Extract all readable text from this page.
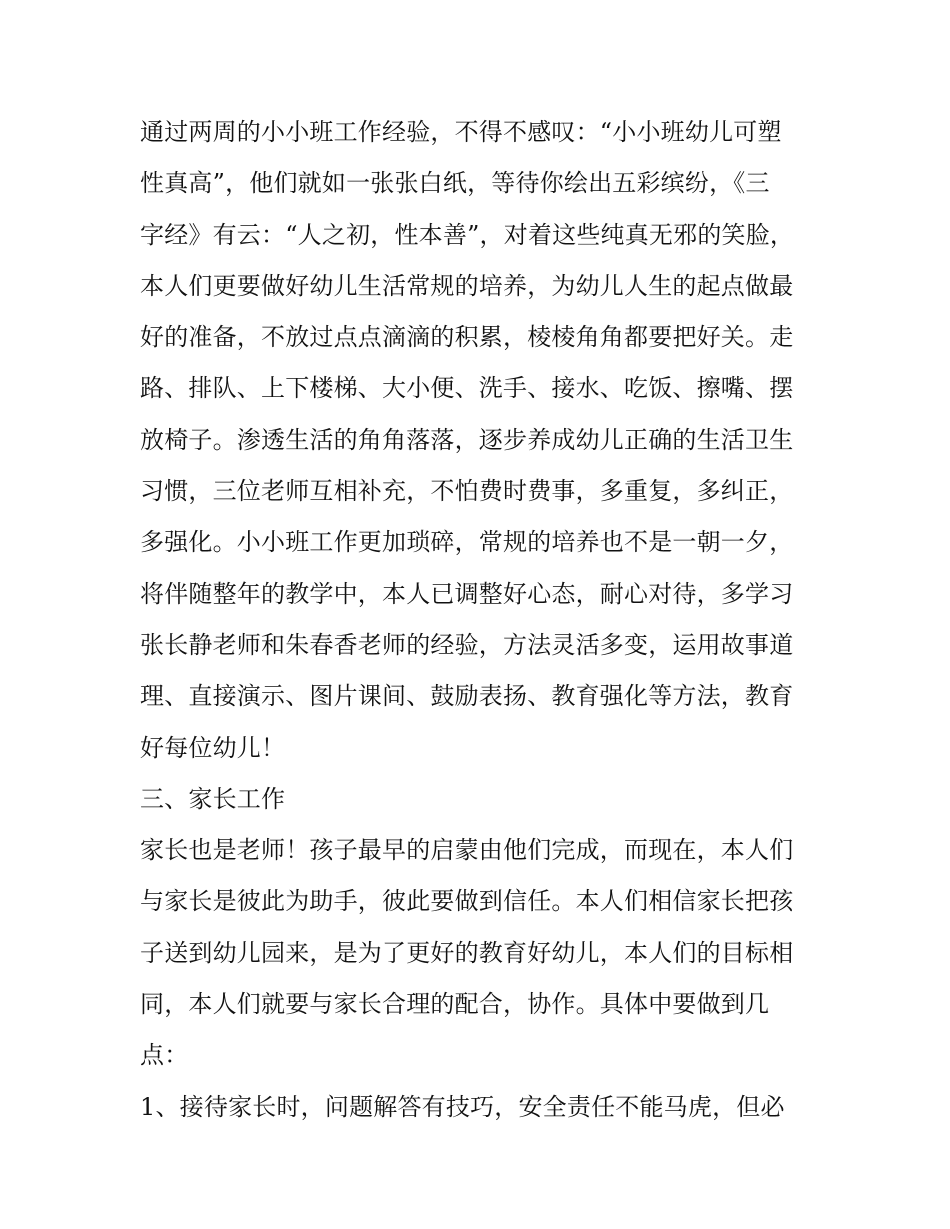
通过两周的小小班工作经验，不得不感叹：“小小班幼儿可塑
性真高”，他们就如一张张白纸，等待你绘出五彩缤纷，《三
字经》有云：“人之初，性本善”，对着这些纯真无邪的笑脸，
本人们更要做好幼儿生活常规的培养，为幼儿人生的起点做最
好的准备，不放过点点滴滴的积累，棱棱角角都要把好关。走
路、排队、上下楼梯、大小便、洗手、接水、吃饭、擦嘴、摆
放椅子。渗透生活的角角落落，逐步养成幼儿正确的生活卫生
习惯，三位老师互相补充，不怕费时费事，多重复，多纠正，
多强化。小小班工作更加琐碎，常规的培养也不是一朝一夕，
将伴随整年的教学中，本人已调整好心态，耐心对待，多学习
张长静老师和朱春香老师的经验，方法灵活多变，运用故事道
理、直接演示、图片课间、鼓励表扬、教育强化等方法，教育
好每位幼儿！
三、家长工作
家长也是老师！孩子最早的启蒙由他们完成，而现在，本人们
与家长是彼此为助手，彼此要做到信任。本人们相信家长把孩
子送到幼儿园来，是为了更好的教育好幼儿，本人们的目标相
同，本人们就要与家长合理的配合，协作。具体中要做到几
点：
1、接待家长时，问题解答有技巧，安全责任不能马虎，但必
